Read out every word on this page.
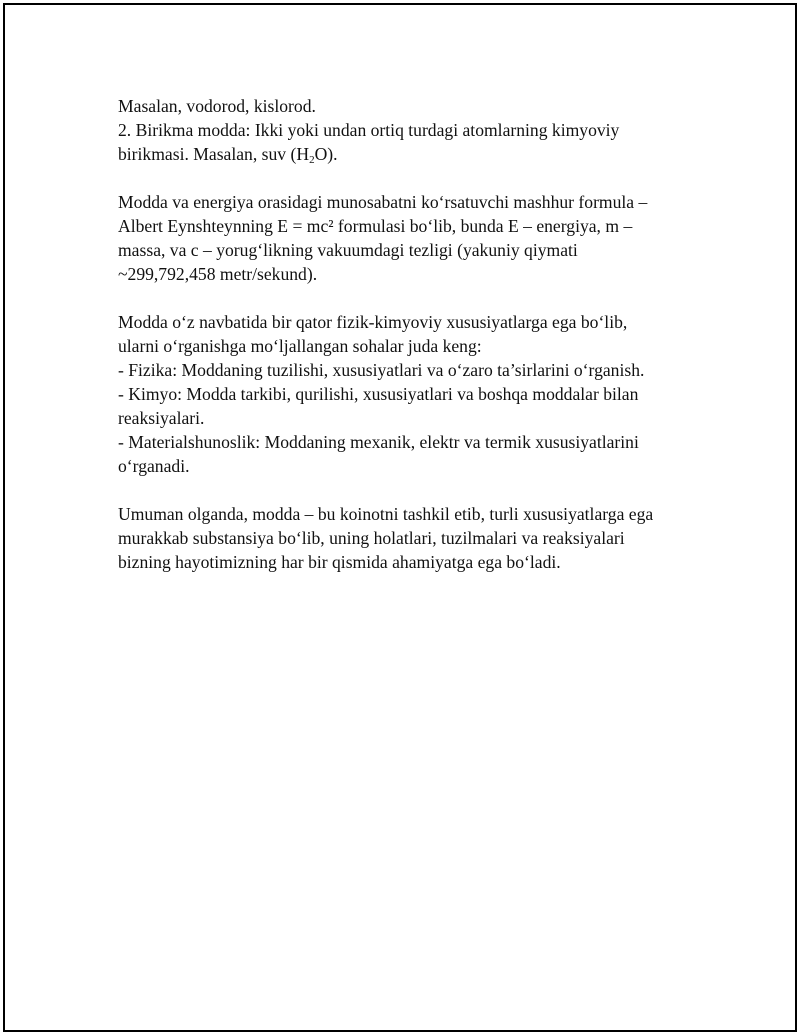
Masalan, vodorod, kislorod.
2. Birikma modda: Ikki yoki undan ortiq turdagi atomlarning kimyoviy
birikmasi. Masalan, suv $(H_2O)$.
Modda va energiya orasidagi munosabatni ko‘rsatuvchi mashhur formula –
Albert Eynshteynning E = mc² formulasi bo‘lib, bunda E – energiya, m –
massa, va c – yorug‘likning vakuumdagi tezligi (yakuniy qiymati
~299,792,458 metr/sekund).
Modda o‘z navbatida bir qator fizik-kimyoviy xususiyatlarga ega bo‘lib,
ularni o‘rganishga mo‘ljallangan sohalar juda keng:
- Fizika: Moddaning tuzilishi, xususiyatlari va o‘zaro ta’sirlarini o‘rganish.
- Kimyo: Modda tarkibi, qurilishi, xususiyatlari va boshqa moddalar bilan
reaksiyalari.
- Materialshunoslik: Moddaning mexanik, elektr va termik xususiyatlarini
o‘rganadi.
Umuman olganda, modda – bu koinotni tashkil etib, turli xususiyatlarga ega
murakkab substansiya bo‘lib, uning holatlari, tuzilmalari va reaksiyalari
bizning hayotimizning har bir qismida ahamiyatga ega bo‘ladi.
